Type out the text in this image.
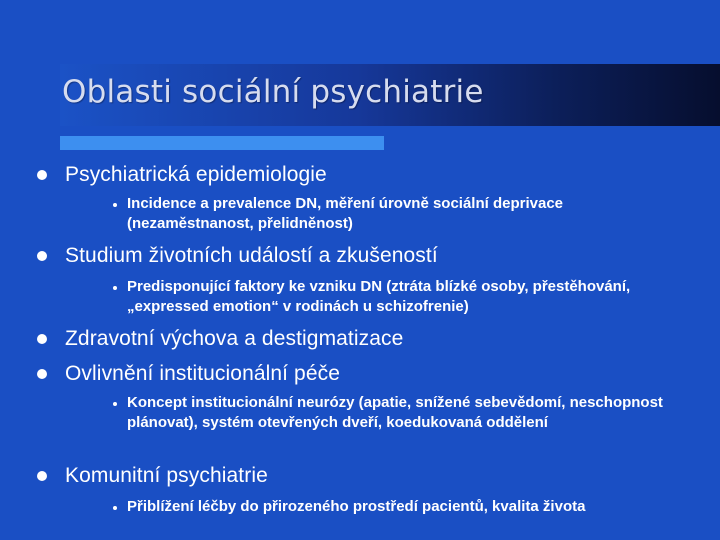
Oblasti sociální psychiatrie
Psychiatrická epidemiologie
Incidence a prevalence DN, měření úrovně sociální deprivace (nezaměstnanost, přelidněnost)
Studium životních událostí a zkušeností
Predisponující faktory ke vzniku DN (ztráta blízké osoby, přestěhování, „expressed emotion“ v rodinách u schizofrenie)
Zdravotní výchova a destigmatizace
Ovlivnění institucionální péče
Koncept institucionální neurózy (apatie, snížené sebevědomí, neschopnost plánovat), systém otevřených dveří, koedukovaná oddělení
Komunitní psychiatrie
Přiblížení léčby do přirozeného prostředí pacientů, kvalita života
